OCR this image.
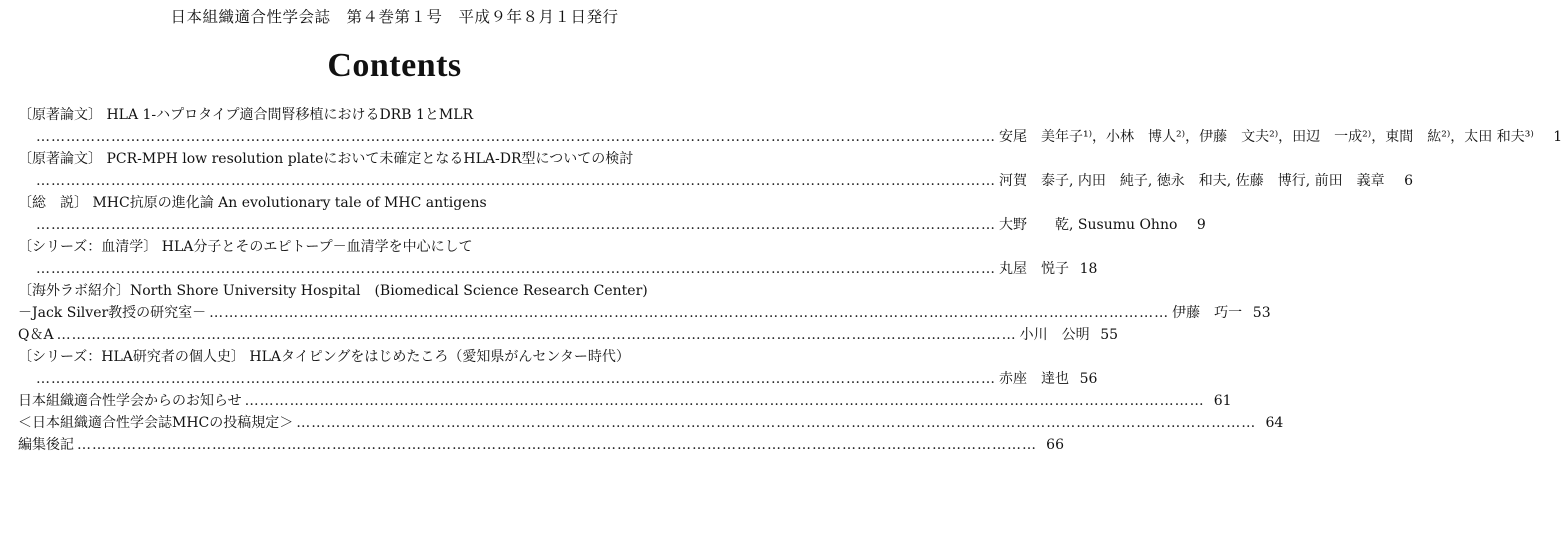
日本組織適合性学会誌　第４巻第１号　平成９年８月１日発行
Contents
〔原著論文〕 HLA 1-ハプロタイプ適合間腎移植におけるDRB 1とMLR
………………………………………………………………………………………………………………………………………………………………………… 安尾　美年子¹⁾，小林　博人²⁾，伊藤　文夫²⁾，田辺　一成²⁾，東間　紘²⁾，太田 和夫³⁾ 1
〔原著論文〕 PCR-MPH low resolution plateにおいて未確定となるHLA-DR型についての検討
………………………………………………………………………………………………………………………………………………………………………… 河賀　泰子, 内田　純子, 徳永　和夫, 佐藤　博行, 前田　義章 6
〔総　説〕 MHC抗原の進化論 An evolutionary tale of MHC antigens
………………………………………………………………………………………………………………………………………………………………………… 大野　　乾, Susumu Ohno 9
〔シリーズ：血清学〕 HLA分子とそのエピトープ－血清学を中心にして
………………………………………………………………………………………………………………………………………………………………………… 丸屋　悦子 18
〔海外ラボ紹介〕North Shore University Hospital　(Biomedical Science Research Center)
－Jack Silver教授の研究室－ ………………………………………………………………………………………………………………………………………………………………………… 伊藤　巧一 53
Q＆A ………………………………………………………………………………………………………………………………………………………………………… 小川　公明 55
〔シリーズ：HLA研究者の個人史〕 HLAタイピングをはじめたころ（愛知県がんセンター時代）
………………………………………………………………………………………………………………………………………………………………………… 赤座　達也 56
日本組織適合性学会からのお知らせ ………………………………………………………………………………………………………………………………………………………………………… 61
＜日本組織適合性学会誌MHCの投稿規定＞ ………………………………………………………………………………………………………………………………………………………………………… 64
編集後記 ………………………………………………………………………………………………………………………………………………………………………… 66
